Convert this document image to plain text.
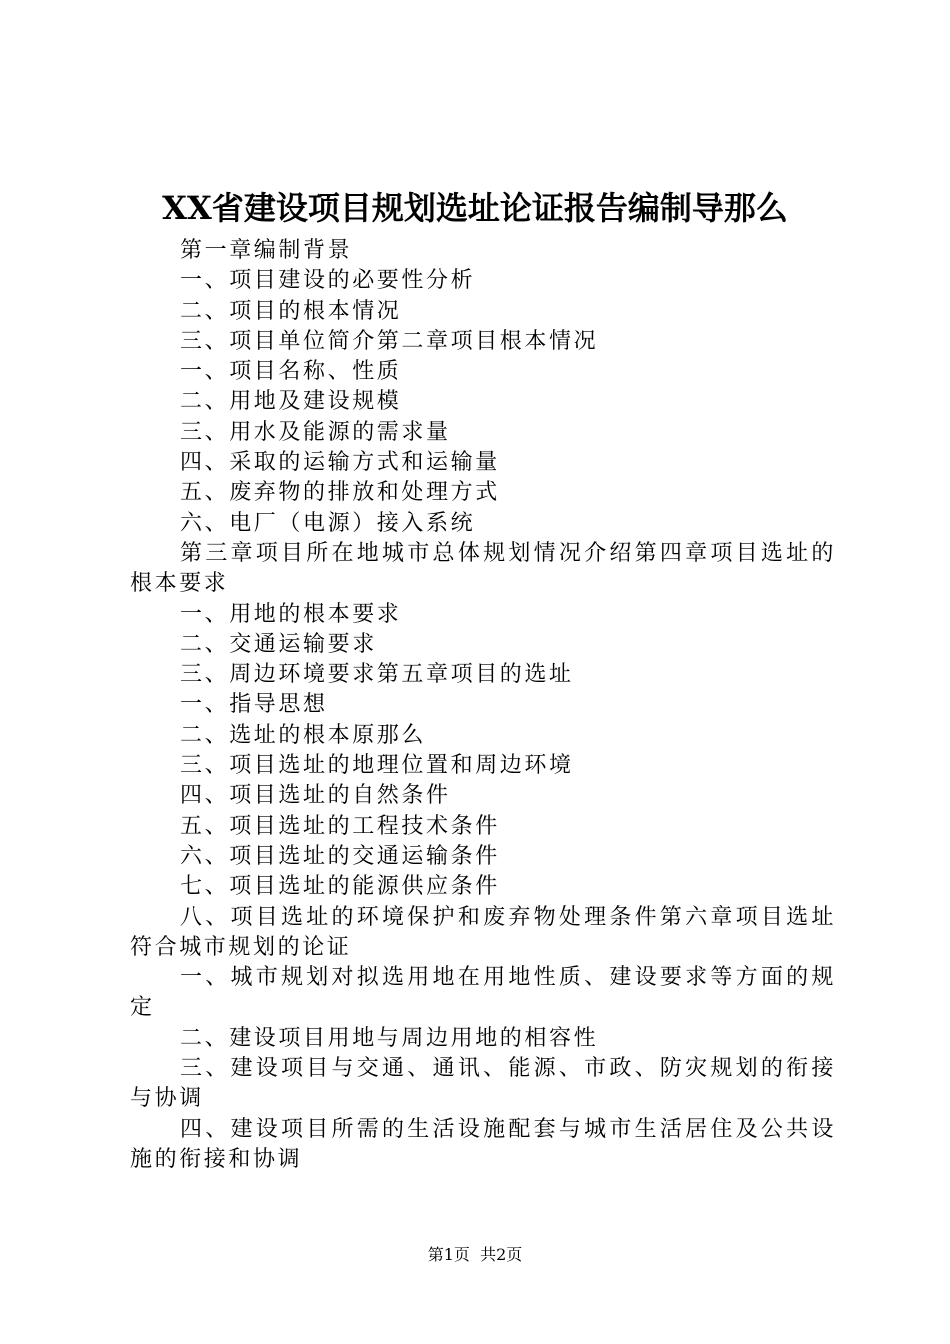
XX省建设项目规划选址论证报告编制导那么

第一章编制背景

一、项目建设的必要性分析

二、项目的根本情况

三、项目单位简介第二章项目根本情况

一、项目名称、性质

二、用地及建设规模

三、用水及能源的需求量

四、采取的运输方式和运输量

五、废弃物的排放和处理方式

六、电厂（电源）接入系统

第三章项目所在地城市总体规划情况介绍第四章项目选址的根本要求

一、用地的根本要求

二、交通运输要求

三、周边环境要求第五章项目的选址

一、指导思想

二、选址的根本原那么

三、项目选址的地理位置和周边环境

四、项目选址的自然条件

五、项目选址的工程技术条件

六、项目选址的交通运输条件

七、项目选址的能源供应条件

八、项目选址的环境保护和废弃物处理条件第六章项目选址符合城市规划的论证

一、城市规划对拟选用地在用地性质、建设要求等方面的规定

二、建设项目用地与周边用地的相容性

三、建设项目与交通、通讯、能源、市政、防灾规划的衔接与协调

四、建设项目所需的生活设施配套与城市生活居住及公共设施的衔接和协调

第1页  共2页
